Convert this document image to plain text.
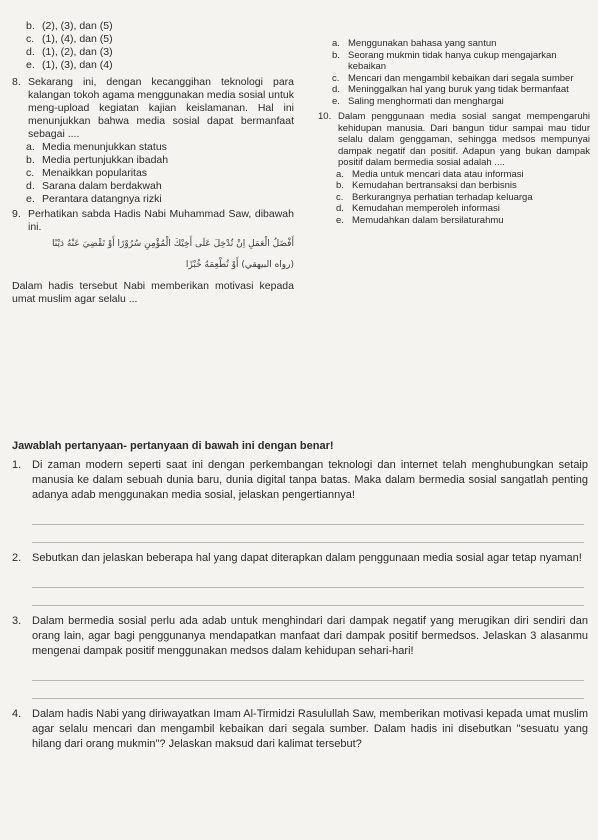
b. (2), (3), dan (5)
c. (1), (4), dan (5)
d. (1), (2), dan (3)
e. (1), (3), dan (4)
8. Sekarang ini, dengan kecanggihan teknologi para kalangan tokoh agama menggunakan media sosial untuk meng-upload kegiatan kajian keislamanan. Hal ini menunjukkan bahwa media sosial dapat bermanfaat sebagai ....
a. Media menunjukkan status
b. Media pertunjukkan ibadah
c. Menaikkan popularitas
d. Sarana dalam berdakwah
e. Perantara datangnya rizki
9. Perhatikan sabda Hadis Nabi Muhammad Saw, dibawah ini.
أَفْضَلُ الْعَمَلِ اِنْ تُدْخِلَ عَلَى أَخِيْكَ الْمُؤْمِنِ سُرُوْرًا أَوْ تَقْضِيَ عَنْهُ دَيْنًا
(رواه البيهقي) أَوْ تُطْعِمَهُ خُبْزًا
Dalam hadis tersebut Nabi memberikan motivasi kepada umat muslim agar selalu ...
a. Menggunakan bahasa yang santun
b. Seorang mukmin tidak hanya cukup mengajarkan kebaikan
c. Mencari dan mengambil kebaikan dari segala sumber
d. Meninggalkan hal yang buruk yang tidak bermanfaat
e. Saling menghormati dan menghargai
10. Dalam penggunaan media sosial sangat mempengaruhi kehidupan manusia. Dari bangun tidur sampai mau tidur selalu dalam genggaman, sehingga medsos mempunyai dampak negatif dan positif. Adapun yang bukan dampak positif dalam bermedia sosial adalah ....
a. Media untuk mencari data atau informasi
b. Kemudahan bertransaksi dan berbisnis
c. Berkurangnya perhatian terhadap keluarga
d. Kemudahan memperoleh informasi
e. Memudahkan dalam bersilaturahmu
Jawablah pertanyaan- pertanyaan di bawah ini dengan benar!
1. Di zaman modern seperti saat ini dengan perkembangan teknologi dan internet telah menghubungkan setaip manusia ke dalam sebuah dunia baru, dunia digital tanpa batas. Maka dalam bermedia sosial sangatlah penting adanya adab menggunakan media sosial, jelaskan pengertiannya!
2. Sebutkan dan jelaskan beberapa hal yang dapat diterapkan dalam penggunaan media sosial agar tetap nyaman!
3. Dalam bermedia sosial perlu ada adab untuk menghindari dari dampak negatif yang merugikan diri sendiri dan orang lain, agar bagi penggunanya mendapatkan manfaat dari dampak positif bermedsos. Jelaskan 3 alasanmu mengenai dampak positif menggunakan medsos dalam kehidupan sehari-hari!
4. Dalam hadis Nabi yang diriwayatkan Imam Al-Tirmidzi Rasulullah Saw, memberikan motivasi kepada umat muslim agar selalu mencari dan mengambil kebaikan dari segala sumber. Dalam hadis ini disebutkan "sesuatu yang hilang dari orang mukmin"? Jelaskan maksud dari kalimat tersebut?
